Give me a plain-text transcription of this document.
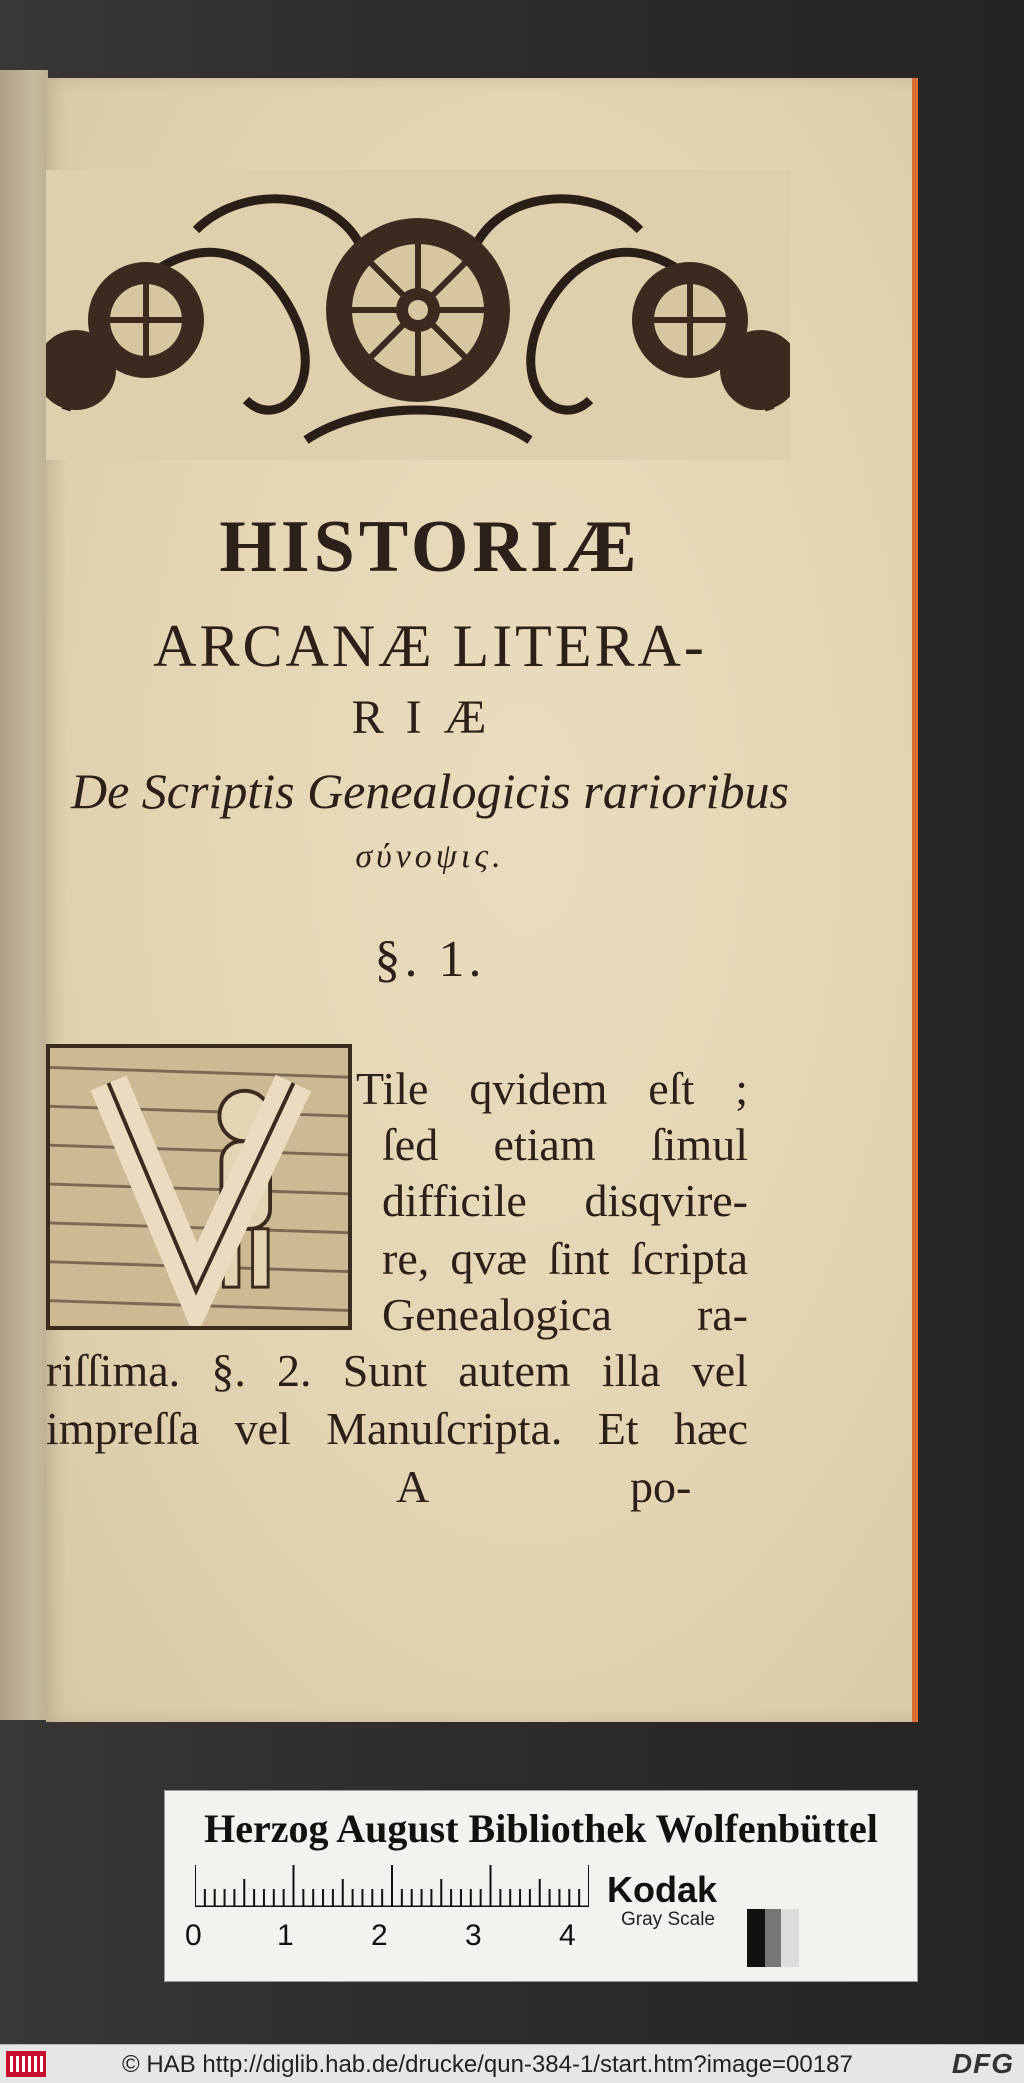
HISTORIÆ
ARCANÆ LITERA-
RIÆ
De Scriptis Genealogicis rarioribus
σύνοψις.
§. 1.
Tile qvidem eſt ;
ſed etiam ſimul
difficile disqvire-
re, qvæ ſint ſcripta
Genealogica ra-
riſſima. §. 2. Sunt autem illa vel
impreſſa vel Manuſcripta. Et hæc
A	po-
Herzog August Bibliothek Wolfenbüttel
0	1	2	3	4
Kodak
Gray Scale
© HAB http://diglib.hab.de/drucke/qun-384-1/start.htm?image=00187	DFG
